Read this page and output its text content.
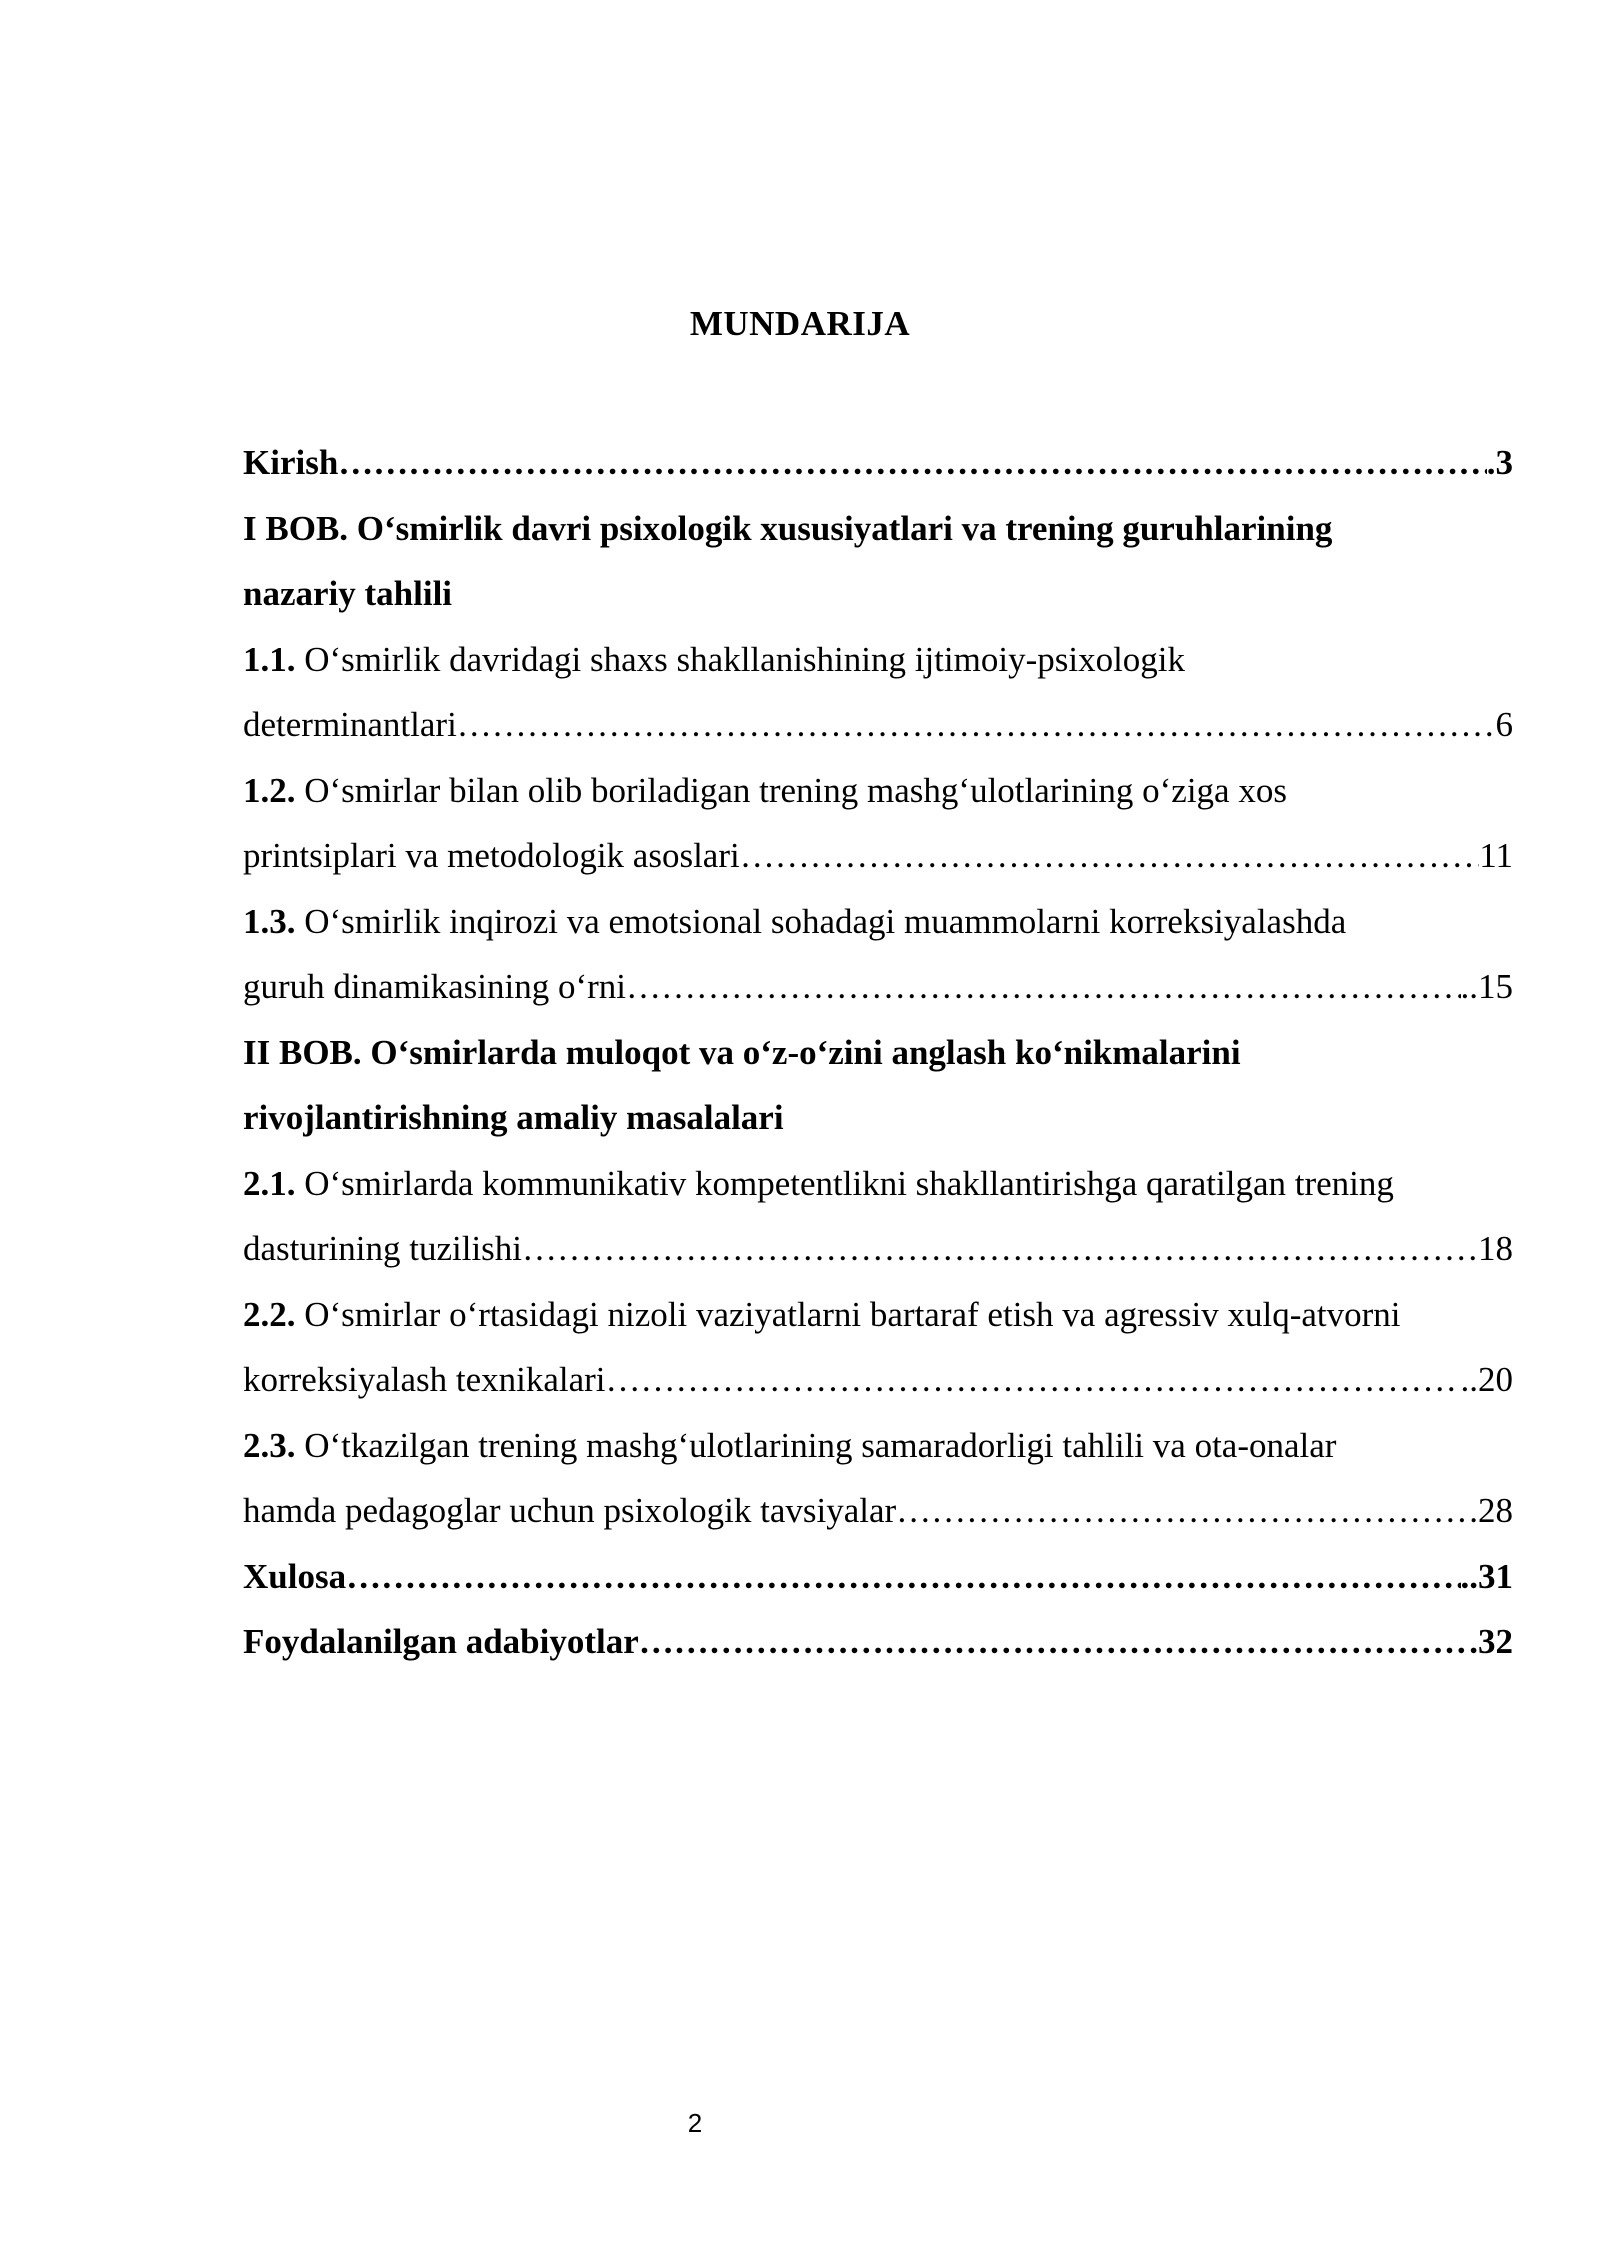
MUNDARIJA
Kirish ……………………………………………………………………………………………………………………………………………………………………………………………………………	.3
I BOB. O‘smirlik davri psixologik xususiyatlari va trening guruhlarining
nazariy tahlili
1.1. O‘smirlik davridagi shaxs shakllanishining ijtimoiy-psixologik
determinantlari ……………………………………………………………………………………………………………………………………………………………………………………………………………	6
1.2. O‘smirlar bilan olib boriladigan trening mashg‘ulotlarining o‘ziga xos
printsiplari va metodologik asoslari ……………………………………………………………………………………………………………………………………………………………………………………………………………	11
1.3. O‘smirlik inqirozi va emotsional sohadagi muammolarni korreksiyalashda
guruh dinamikasining o‘rni ……………………………………………………………………………………………………………………………………………………………………………………………………………	..15
II BOB. O‘smirlarda muloqot va o‘z-o‘zini anglash ko‘nikmalarini
rivojlantirishning amaliy masalalari
2.1. O‘smirlarda kommunikativ kompetentlikni shakllantirishga qaratilgan trening
dasturining tuzilishi ……………………………………………………………………………………………………………………………………………………………………………………………………………	18
2.2. O‘smirlar o‘rtasidagi nizoli vaziyatlarni bartaraf etish va agressiv xulq-atvorni
korreksiyalash texnikalari ……………………………………………………………………………………………………………………………………………………………………………………………………………	..20
2.3. O‘tkazilgan trening mashg‘ulotlarining samaradorligi tahlili va ota-onalar
hamda pedagoglar uchun psixologik tavsiyalar ……………………………………………………………………………………………………………………………………………………………………………………………………………	.28
Xulosa ……………………………………………………………………………………………………………………………………………………………………………………………………………	..31
Foydalanilgan adabiyotlar ……………………………………………………………………………………………………………………………………………………………………………………………………………	.32
2
